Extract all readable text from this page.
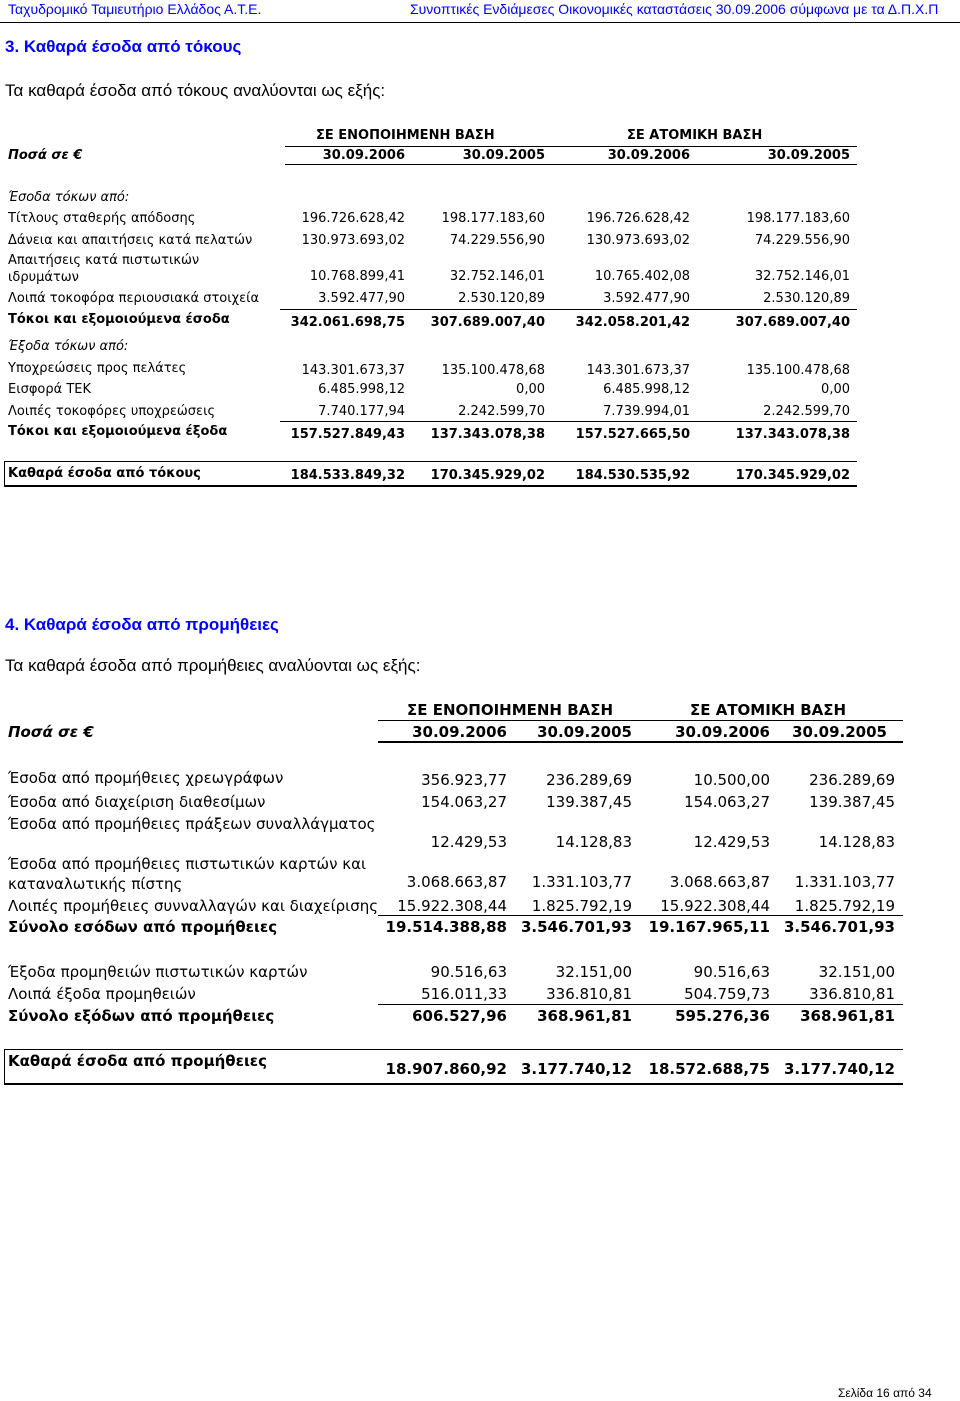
Ταχυδρομικό Ταμιευτήριο Ελλάδος Α.Τ.Ε.	Συνοπτικές Ενδιάμεσες Οικονομικές καταστάσεις 30.09.2006 σύμφωνα με τα Δ.Π.Χ.Π
3. Καθαρά έσοδα από τόκους
Τα καθαρά έσοδα από τόκους αναλύονται ως εξής:
ΣΕ ΕΝΟΠΟΙΗΜΕΝΗ ΒΑΣΗ	ΣΕ ΑΤΟΜΙΚΗ ΒΑΣΗ
Ποσά σε €	30.09.2006	30.09.2005	30.09.2006	30.09.2005
Έσοδα τόκων από:
Τίτλους σταθερής απόδοσης	196.726.628,42	198.177.183,60	196.726.628,42	198.177.183,60
Δάνεια και απαιτήσεις κατά πελατών	130.973.693,02	74.229.556,90	130.973.693,02	74.229.556,90
Απαιτήσεις κατά πιστωτικών
ιδρυμάτων	10.768.899,41	32.752.146,01	10.765.402,08	32.752.146,01
Λοιπά τοκοφόρα περιουσιακά στοιχεία	3.592.477,90	2.530.120,89	3.592.477,90	2.530.120,89
Τόκοι και εξομοιούμενα έσοδα	342.061.698,75	307.689.007,40	342.058.201,42	307.689.007,40
Έξοδα τόκων από:
Υποχρεώσεις προς πελάτες	143.301.673,37	135.100.478,68	143.301.673,37	135.100.478,68
Εισφορά ΤΕΚ	6.485.998,12	0,00	6.485.998,12	0,00
Λοιπές τοκοφόρες υποχρεώσεις	7.740.177,94	2.242.599,70	7.739.994,01	2.242.599,70
Τόκοι και εξομοιούμενα έξοδα	157.527.849,43	137.343.078,38	157.527.665,50	137.343.078,38
Καθαρά έσοδα από τόκους	184.533.849,32	170.345.929,02	184.530.535,92	170.345.929,02
4. Καθαρά έσοδα από προμήθειες
Τα καθαρά έσοδα από προμήθειες αναλύονται ως εξής:
ΣΕ ΕΝΟΠΟΙΗΜΕΝΗ ΒΑΣΗ	ΣΕ ΑΤΟΜΙΚΗ ΒΑΣΗ
Ποσά σε €	30.09.2006	30.09.2005	30.09.2006	30.09.2005
Έσοδα από προμήθειες χρεωγράφων	356.923,77	236.289,69	10.500,00	236.289,69
Έσοδα από διαχείριση διαθεσίμων	154.063,27	139.387,45	154.063,27	139.387,45
Έσοδα από προμήθειες πράξεων συναλλάγματος
12.429,53	14.128,83	12.429,53	14.128,83
Έσοδα από προμήθειες πιστωτικών καρτών και
καταναλωτικής πίστης	3.068.663,87	1.331.103,77	3.068.663,87	1.331.103,77
Λοιπές προμήθειες συνναλλαγών και διαχείρισης	15.922.308,44	1.825.792,19	15.922.308,44	1.825.792,19
Σύνολο εσόδων από προμήθειες	19.514.388,88 3.546.701,93	19.167.965,11 3.546.701,93
Έξοδα προμηθειών πιστωτικών καρτών	90.516,63	32.151,00	90.516,63	32.151,00
Λοιπά έξοδα προμηθειών	516.011,33	336.810,81	504.759,73	336.810,81
Σύνολο εξόδων από προμήθειες	606.527,96	368.961,81	595.276,36	368.961,81
Καθαρά έσοδα από προμήθειες	18.907.860,92 3.177.740,12	18.572.688,75 3.177.740,12
Σελίδα 16 από 34
